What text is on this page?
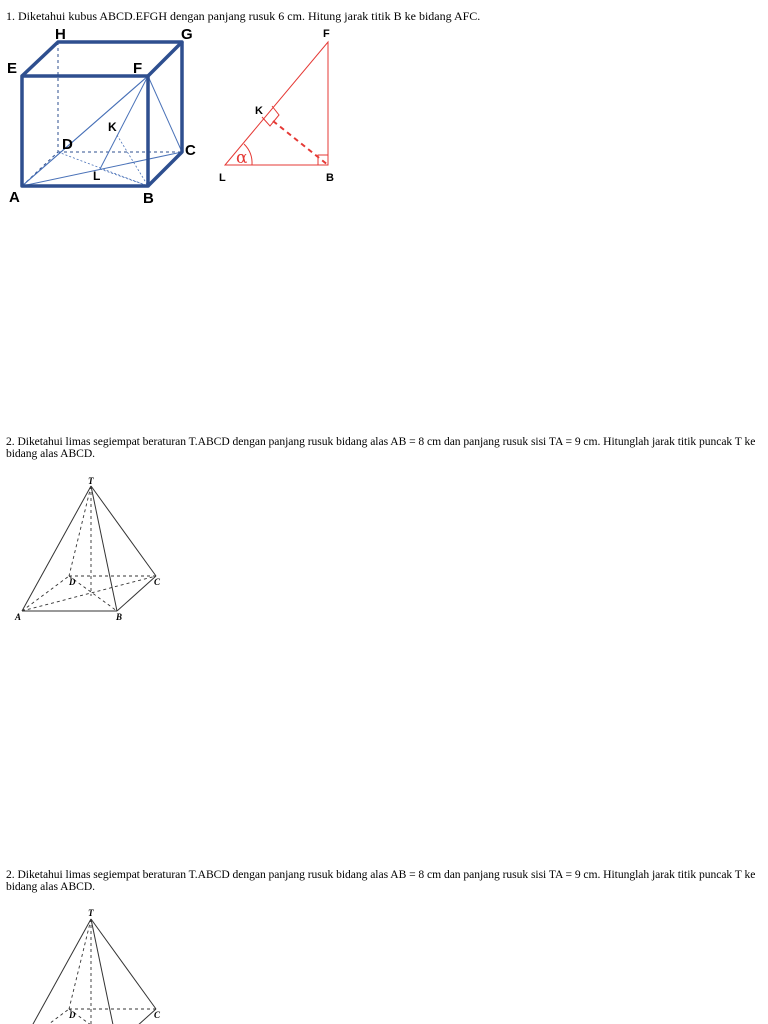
1. Diketahui kubus ABCD.EFGH dengan panjang rusuk 6 cm. Hitung jarak titik B ke bidang AFC.
H	G
E	F
K
D	C
L
A	B
F
K
α
L	B
2. Diketahui limas segiempat beraturan T.ABCD dengan panjang rusuk bidang alas AB = 8 cm dan panjang rusuk sisi TA = 9 cm. Hitunglah jarak titik puncak T ke bidang alas ABCD.
T
D	C
A	B
2. Diketahui limas segiempat beraturan T.ABCD dengan panjang rusuk bidang alas AB = 8 cm dan panjang rusuk sisi TA = 9 cm. Hitunglah jarak titik puncak T ke bidang alas ABCD.
T
D	C
